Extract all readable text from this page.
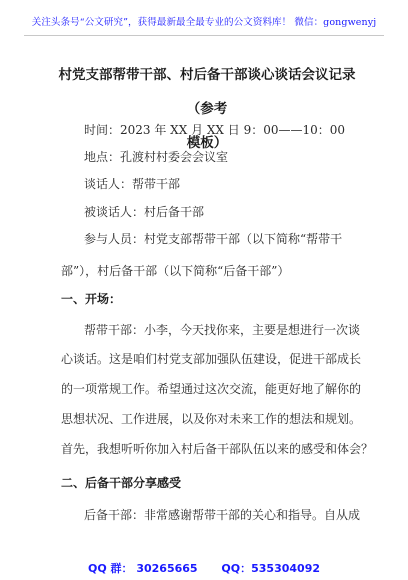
关注头条号“公文研究”，获得最新最全最专业的公文资料库！ 微信：gongwenyj
村党支部帮带干部、村后备干部谈心谈话会议记录（参考
模板）
时间：2023 年 XX 月 XX 日 9：00——10：00
地点：孔渡村村委会会议室
谈话人：帮带干部
被谈话人：村后备干部
参与人员：村党支部帮带干部（以下简称“帮带干
部”），村后备干部（以下简称“后备干部”）
一、开场：
帮带干部：小李，今天找你来，主要是想进行一次谈
心谈话。这是咱们村党支部加强队伍建设，促进干部成长
的一项常规工作。希望通过这次交流，能更好地了解你的
思想状况、工作进展，以及你对未来工作的想法和规划。
首先，我想听听你加入村后备干部队伍以来的感受和体会？
二、后备干部分享感受
后备干部：非常感谢帮带干部的关心和指导。自从成
QQ 群： 30265665 QQ：535304092
